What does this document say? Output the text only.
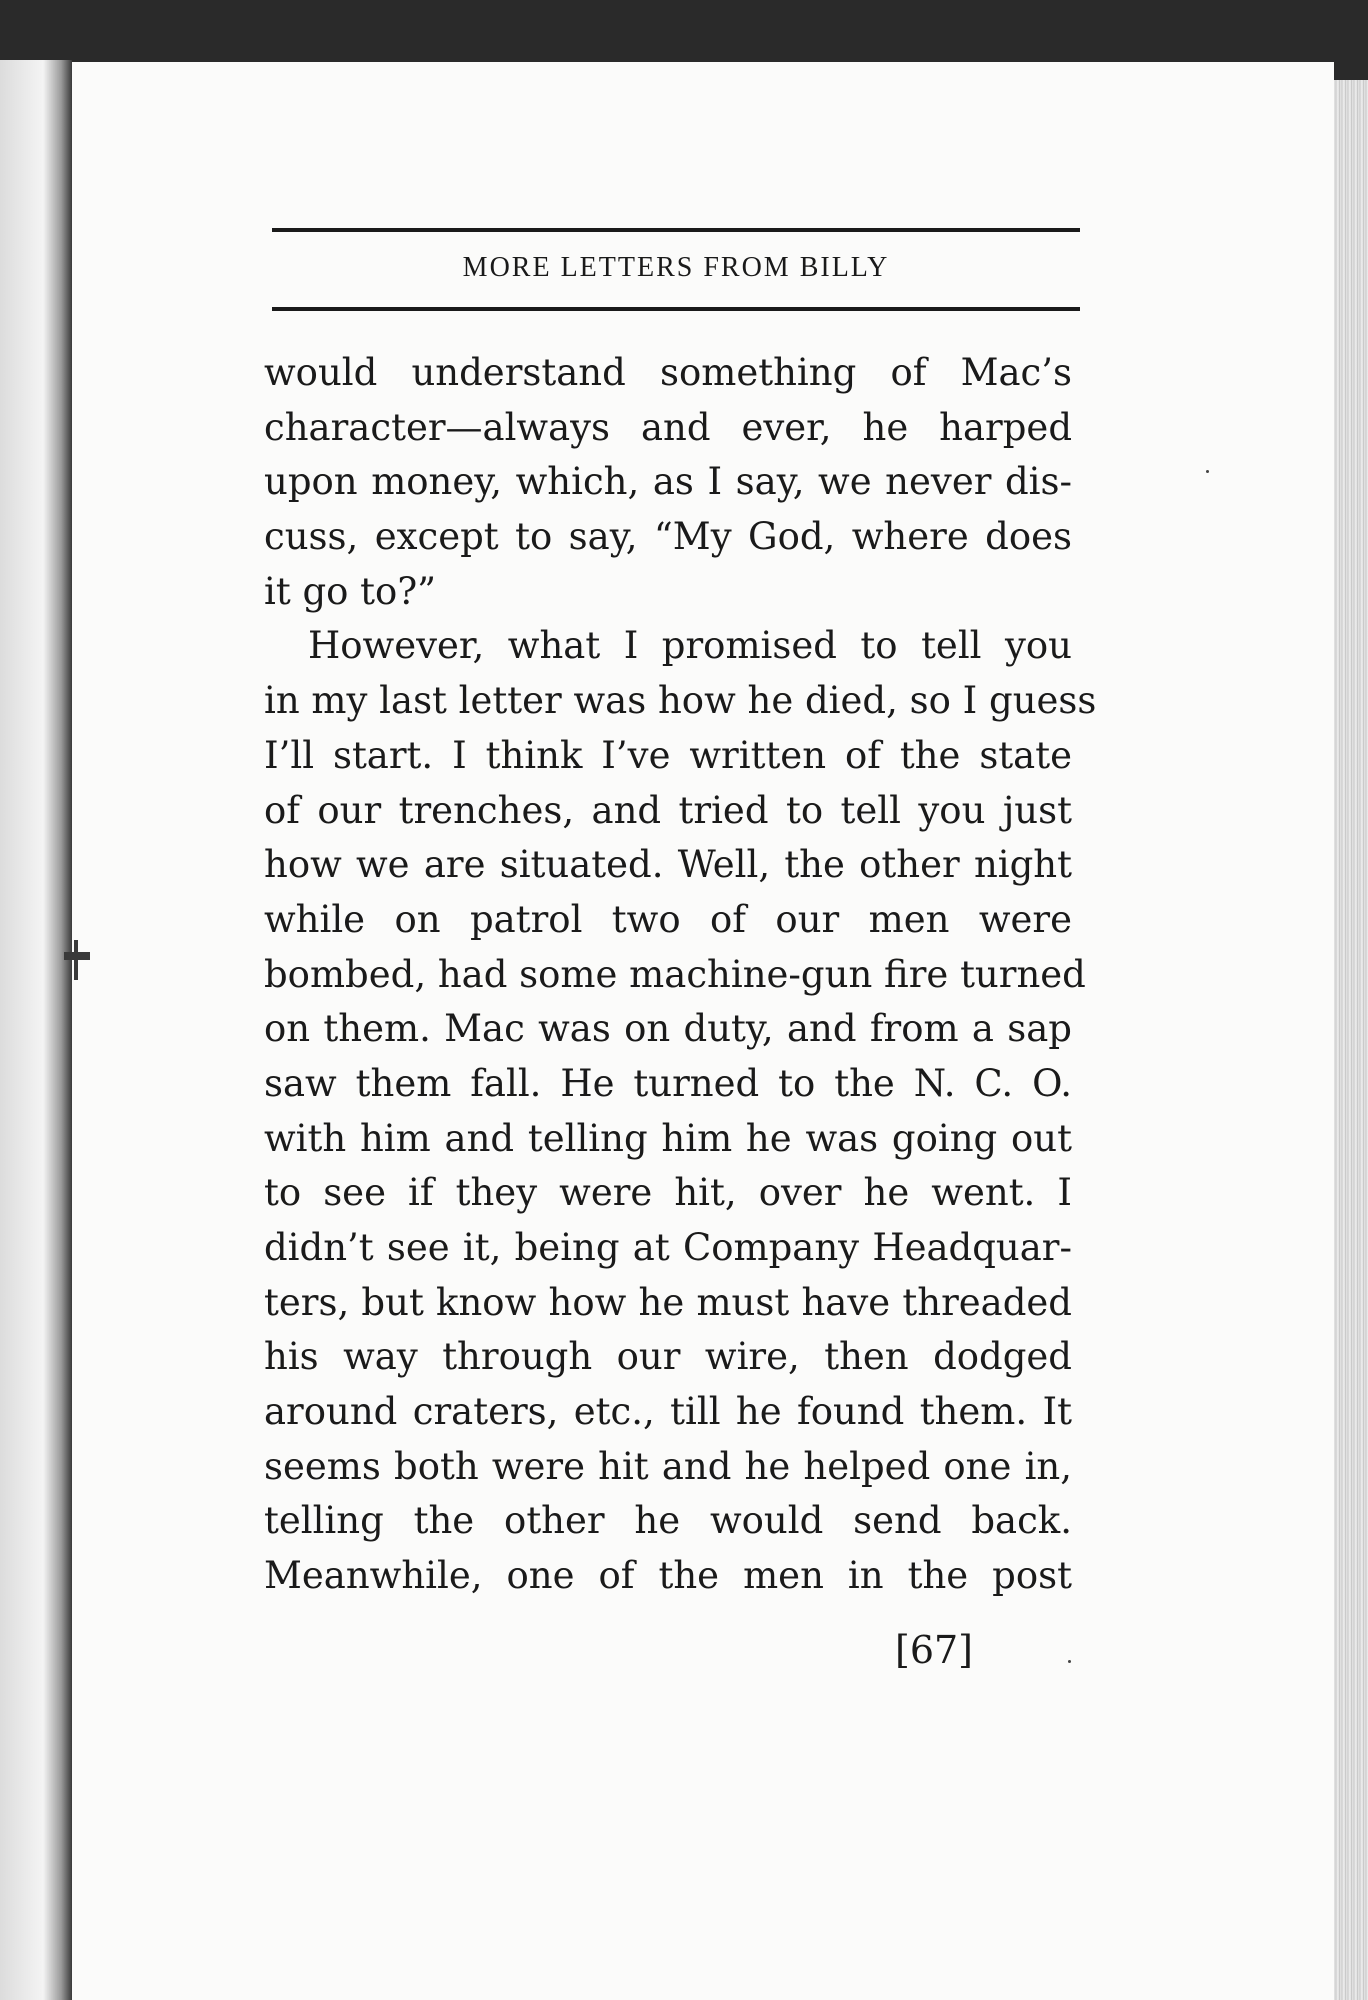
MORE LETTERS FROM BILLY
would understand something of Mac’s
character—always and ever, he harped
upon money, which, as I say, we never dis-
cuss, except to say, “My God, where does
it go to?”
However, what I promised to tell you
in my last letter was how he died, so I guess
I’ll start. I think I’ve written of the state
of our trenches, and tried to tell you just
how we are situated. Well, the other night
while on patrol two of our men were
bombed, had some machine-gun fire turned
on them. Mac was on duty, and from a sap
saw them fall. He turned to the N. C. O.
with him and telling him he was going out
to see if they were hit, over he went. I
didn’t see it, being at Company Headquar-
ters, but know how he must have threaded
his way through our wire, then dodged
around craters, etc., till he found them. It
seems both were hit and he helped one in,
telling the other he would send back.
Meanwhile, one of the men in the post
[67]
